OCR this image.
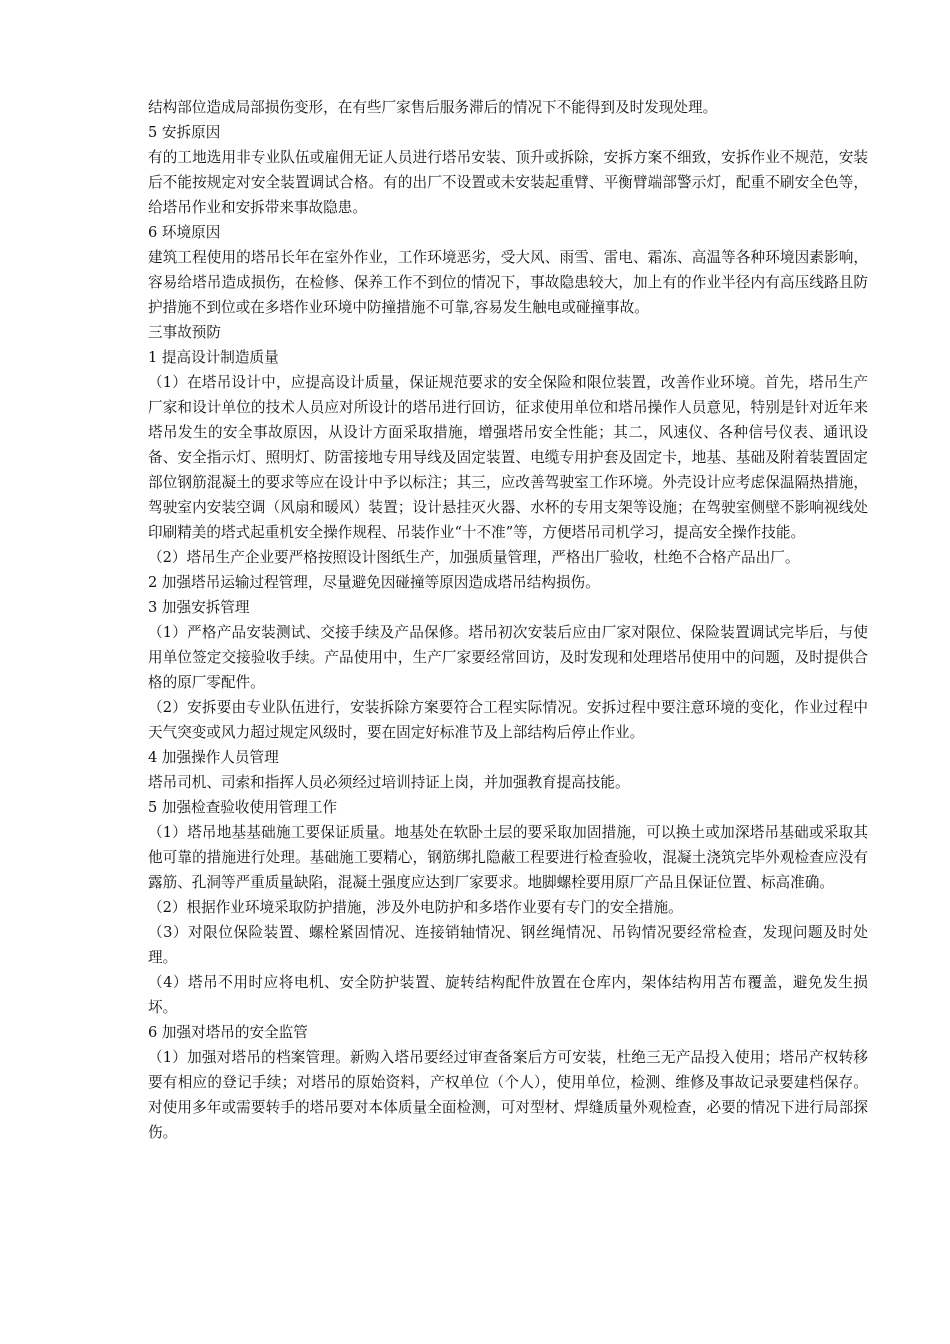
结构部位造成局部损伤变形，在有些厂家售后服务滞后的情况下不能得到及时发现处理。

5 安拆原因

有的工地选用非专业队伍或雇佣无证人员进行塔吊安装、顶升或拆除，安拆方案不细致，安拆作业不规范，安装后不能按规定对安全装置调试合格。有的出厂不设置或未安装起重臂、平衡臂端部警示灯，配重不刷安全色等，给塔吊作业和安拆带来事故隐患。

6 环境原因

建筑工程使用的塔吊长年在室外作业，工作环境恶劣，受大风、雨雪、雷电、霜冻、高温等各种环境因素影响，容易给塔吊造成损伤，在检修、保养工作不到位的情况下，事故隐患较大，加上有的作业半径内有高压线路且防护措施不到位或在多塔作业环境中防撞措施不可靠,容易发生触电或碰撞事故。

三事故预防

1 提高设计制造质量

（1）在塔吊设计中，应提高设计质量，保证规范要求的安全保险和限位装置，改善作业环境。首先，塔吊生产厂家和设计单位的技术人员应对所设计的塔吊进行回访，征求使用单位和塔吊操作人员意见，特别是针对近年来塔吊发生的安全事故原因，从设计方面采取措施，增强塔吊安全性能；其二，风速仪、各种信号仪表、通讯设备、安全指示灯、照明灯、防雷接地专用导线及固定装置、电缆专用护套及固定卡，地基、基础及附着装置固定部位钢筋混凝土的要求等应在设计中予以标注；其三，应改善驾驶室工作环境。外壳设计应考虑保温隔热措施，驾驶室内安装空调（风扇和暖风）装置；设计悬挂灭火器、水杯的专用支架等设施；在驾驶室侧壁不影响视线处印刷精美的塔式起重机安全操作规程、吊装作业“十不准”等，方便塔吊司机学习，提高安全操作技能。

（2）塔吊生产企业要严格按照设计图纸生产，加强质量管理，严格出厂验收，杜绝不合格产品出厂。

2 加强塔吊运输过程管理，尽量避免因碰撞等原因造成塔吊结构损伤。

3 加强安拆管理

（1）严格产品安装测试、交接手续及产品保修。塔吊初次安装后应由厂家对限位、保险装置调试完毕后，与使用单位签定交接验收手续。产品使用中，生产厂家要经常回访，及时发现和处理塔吊使用中的问题，及时提供合格的原厂零配件。

（2）安拆要由专业队伍进行，安装拆除方案要符合工程实际情况。安拆过程中要注意环境的变化，作业过程中天气突变或风力超过规定风级时，要在固定好标准节及上部结构后停止作业。

4 加强操作人员管理

塔吊司机、司索和指挥人员必须经过培训持证上岗，并加强教育提高技能。

5 加强检查验收使用管理工作

（1）塔吊地基基础施工要保证质量。地基处在软卧土层的要采取加固措施，可以换土或加深塔吊基础或采取其他可靠的措施进行处理。基础施工要精心，钢筋绑扎隐蔽工程要进行检查验收，混凝土浇筑完毕外观检查应没有露筋、孔洞等严重质量缺陷，混凝土强度应达到厂家要求。地脚螺栓要用原厂产品且保证位置、标高准确。

（2）根据作业环境采取防护措施，涉及外电防护和多塔作业要有专门的安全措施。

（3）对限位保险装置、螺栓紧固情况、连接销轴情况、钢丝绳情况、吊钩情况要经常检查，发现问题及时处理。

（4）塔吊不用时应将电机、安全防护装置、旋转结构配件放置在仓库内，架体结构用苫布覆盖，避免发生损坏。

6 加强对塔吊的安全监管

（1）加强对塔吊的档案管理。新购入塔吊要经过审查备案后方可安装，杜绝三无产品投入使用；塔吊产权转移要有相应的登记手续；对塔吊的原始资料，产权单位（个人），使用单位，检测、维修及事故记录要建档保存。对使用多年或需要转手的塔吊要对本体质量全面检测，可对型材、焊缝质量外观检查，必要的情况下进行局部探伤。
